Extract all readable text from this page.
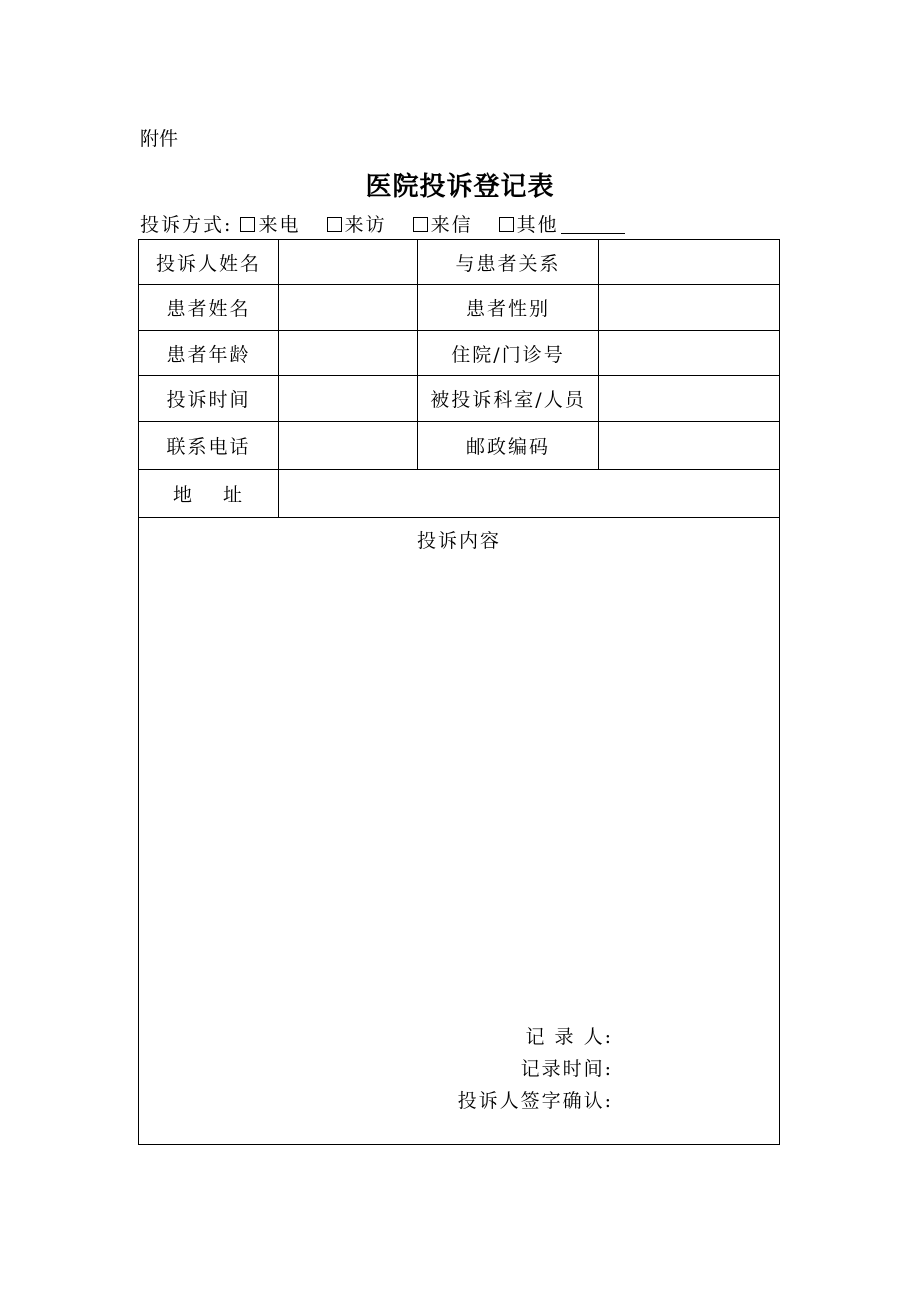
附件
医院投诉登记表
投诉方式: 来电 来访 来信 其他
投诉人姓名	与患者关系
患者姓名	患者性别
患者年龄	住院/门诊号
投诉时间	被投诉科室/人员
联系电话	邮政编码
地　 址
投诉内容
记 录 人:
记录时间:
投诉人签字确认:
